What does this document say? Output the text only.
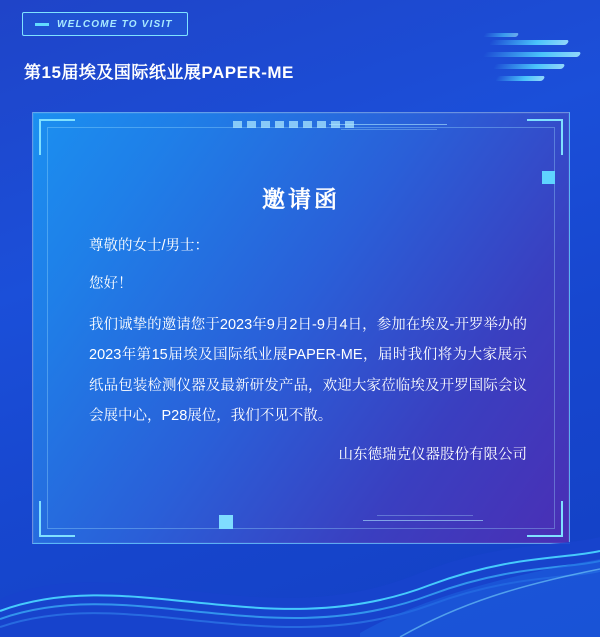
WELCOME TO VISIT
第15届埃及国际纸业展PAPER-ME
邀请函

尊敬的女士/男士：

您好！

我们诚挚的邀请您于2023年9月2日-9月4日，参加在埃及-开罗举办的2023年第15届埃及国际纸业展PAPER-ME，届时我们将为大家展示纸品包装检测仪器及最新研发产品，欢迎大家莅临埃及开罗国际会议会展中心，P28展位，我们不见不散。

山东德瑞克仪器股份有限公司
